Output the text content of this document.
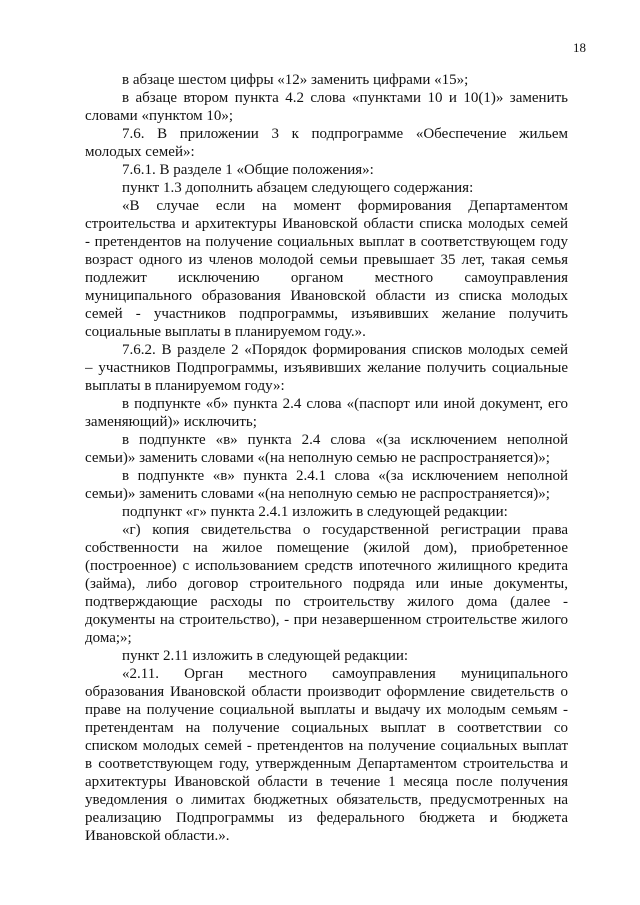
18
в абзаце шестом цифры «12» заменить цифрами «15»;
в абзаце втором пункта 4.2 слова «пунктами 10 и 10(1)» заменить
словами «пунктом 10»;
7.6. В приложении 3 к подпрограмме «Обеспечение жильем
молодых семей»:
7.6.1. В разделе 1 «Общие положения»:
пункт 1.3 дополнить абзацем следующего содержания:
«В случае если на момент формирования Департаментом
строительства и архитектуры Ивановской области списка молодых семей
- претендентов на получение социальных выплат в соответствующем году
возраст одного из членов молодой семьи превышает 35 лет, такая семья
подлежит исключению органом местного самоуправления
муниципального образования Ивановской области из списка молодых
семей - участников подпрограммы, изъявивших желание получить
социальные выплаты в планируемом году.».
7.6.2. В разделе 2 «Порядок формирования списков молодых семей
– участников Подпрограммы, изъявивших желание получить социальные
выплаты в планируемом году»:
в подпункте «б» пункта 2.4 слова «(паспорт или иной документ, его
заменяющий)» исключить;
в подпункте «в» пункта 2.4 слова «(за исключением неполной
семьи)» заменить словами «(на неполную семью не распространяется)»;
в подпункте «в» пункта 2.4.1 слова «(за исключением неполной
семьи)» заменить словами «(на неполную семью не распространяется)»;
подпункт «г» пункта 2.4.1 изложить в следующей редакции:
«г) копия свидетельства о государственной регистрации права
собственности на жилое помещение (жилой дом), приобретенное
(построенное) с использованием средств ипотечного жилищного кредита
(займа), либо договор строительного подряда или иные документы,
подтверждающие расходы по строительству жилого дома (далее -
документы на строительство), - при незавершенном строительстве жилого
дома;»;
пункт 2.11 изложить в следующей редакции:
«2.11. Орган местного самоуправления муниципального
образования Ивановской области производит оформление свидетельств о
праве на получение социальной выплаты и выдачу их молодым семьям -
претендентам на получение социальных выплат в соответствии со
списком молодых семей - претендентов на получение социальных выплат
в соответствующем году, утвержденным Департаментом строительства и
архитектуры Ивановской области в течение 1 месяца после получения
уведомления о лимитах бюджетных обязательств, предусмотренных на
реализацию Подпрограммы из федерального бюджета и бюджета
Ивановской области.».
